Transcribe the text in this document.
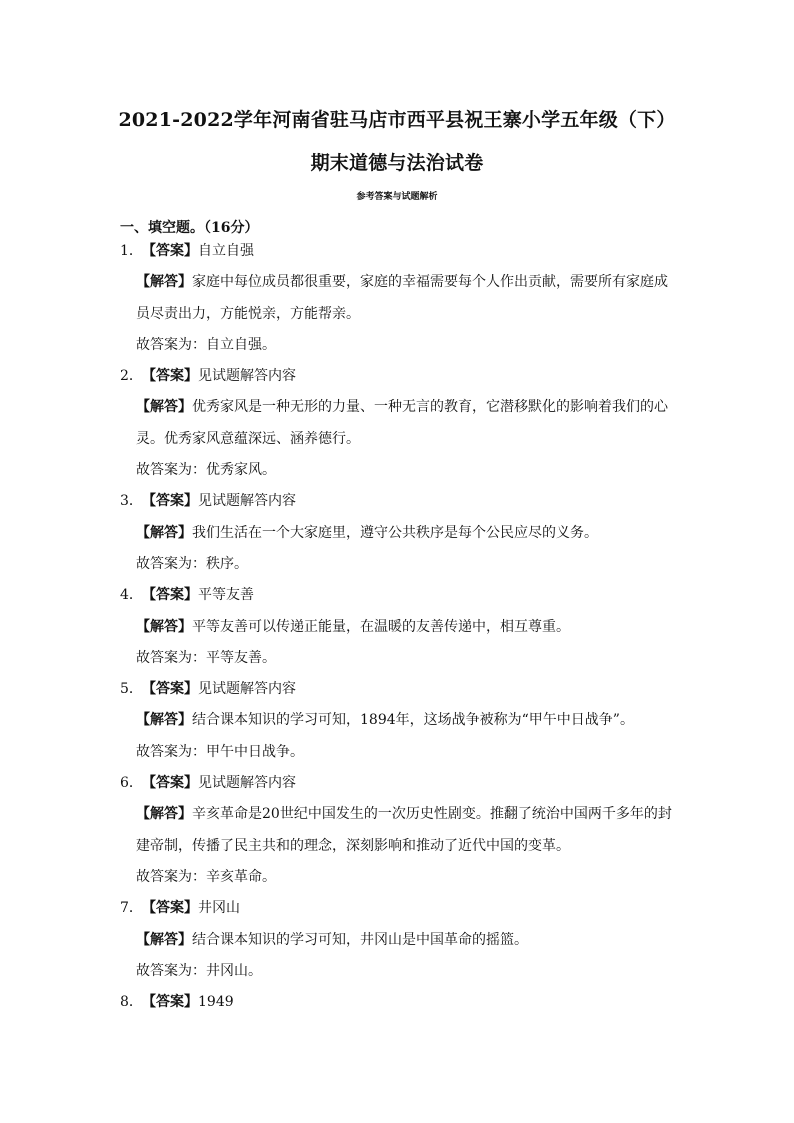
2021-2022学年河南省驻马店市西平县祝王寨小学五年级（下）
期末道德与法治试卷
参考答案与试题解析
一、填空题。（16分）
1．【答案】自立自强
【解答】家庭中每位成员都很重要，家庭的幸福需要每个人作出贡献，需要所有家庭成
员尽责出力，方能悦亲，方能帮亲。
故答案为：自立自强。
2．【答案】见试题解答内容
【解答】优秀家风是一种无形的力量、一种无言的教育，它潜移默化的影响着我们的心
灵。优秀家风意蕴深远、涵养德行。
故答案为：优秀家风。
3．【答案】见试题解答内容
【解答】我们生活在一个大家庭里，遵守公共秩序是每个公民应尽的义务。
故答案为：秩序。
4．【答案】平等友善
【解答】平等友善可以传递正能量，在温暖的友善传递中，相互尊重。
故答案为：平等友善。
5．【答案】见试题解答内容
【解答】结合课本知识的学习可知，1894年，这场战争被称为“甲午中日战争”。
故答案为：甲午中日战争。
6．【答案】见试题解答内容
【解答】辛亥革命是20世纪中国发生的一次历史性剧变。推翻了统治中国两千多年的封
建帝制，传播了民主共和的理念，深刻影响和推动了近代中国的变革。
故答案为：辛亥革命。
7．【答案】井冈山
【解答】结合课本知识的学习可知，井冈山是中国革命的摇篮。
故答案为：井冈山。
8．【答案】1949
